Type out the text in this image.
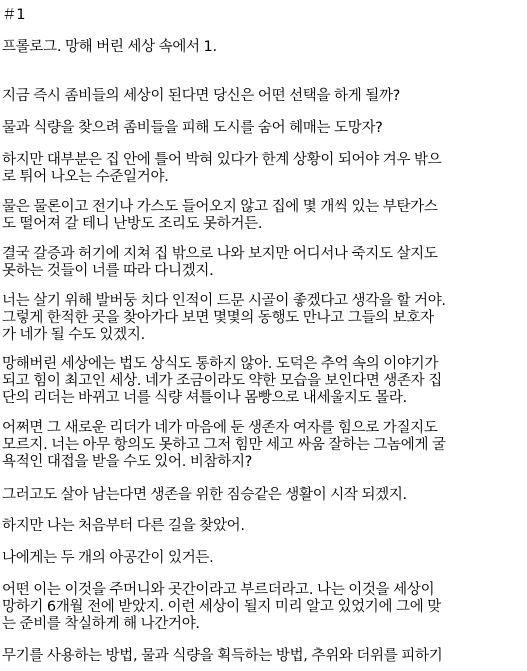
＃1
프롤로그. 망해 버린 세상 속에서 1.
지금 즉시 좀비들의 세상이 된다면 당신은 어떤 선택을 하게 될까?
물과 식량을 찾으려 좀비들을 피해 도시를 숨어 헤매는 도망자?
하지만 대부분은 집 안에 틀어 박혀 있다가 한계 상황이 되어야 겨우 밖으
로 튀어 나오는 수준일거야.
물은 물론이고 전기나 가스도 들어오지 않고 집에 몇 개씩 있는 부탄가스
도 떨어져 갈 테니 난방도 조리도 못하거든.
결국 갈증과 허기에 지쳐 집 밖으로 나와 보지만 어디서나 죽지도 살지도
못하는 것들이 너를 따라 다니겠지.
너는 살기 위해 발버둥 치다 인적이 드문 시골이 좋겠다고 생각을 할 거야.
그렇게 한적한 곳을 찾아가다 보면 몇몇의 동행도 만나고 그들의 보호자
가 네가 될 수도 있겠지.
망해버린 세상에는 법도 상식도 통하지 않아. 도덕은 추억 속의 이야기가
되고 힘이 최고인 세상. 네가 조금이라도 약한 모습을 보인다면 생존자 집
단의 리더는 바뀌고 너를 식량 셔틀이나 몸빵으로 내세울지도 몰라.
어쩌면 그 새로운 리더가 네가 마음에 둔 생존자 여자를 힘으로 가질지도
모르지. 너는 아무 항의도 못하고 그저 힘만 세고 싸움 잘하는 그놈에게 굴
욕적인 대접을 받을 수도 있어. 비참하지?
그러고도 살아 남는다면 생존을 위한 짐승같은 생활이 시작 되겠지.
하지만 나는 처음부터 다른 길을 찾았어.
나에게는 두 개의 아공간이 있거든.
어떤 이는 이것을 주머니와 곳간이라고 부르더라고. 나는 이것을 세상이
망하기 6개월 전에 받았지. 이런 세상이 될지 미리 알고 있었기에 그에 맞
는 준비를 착실하게 해 나간거야.
무기를 사용하는 방법, 물과 식량을 획득하는 방법, 추위와 더위를 피하기
